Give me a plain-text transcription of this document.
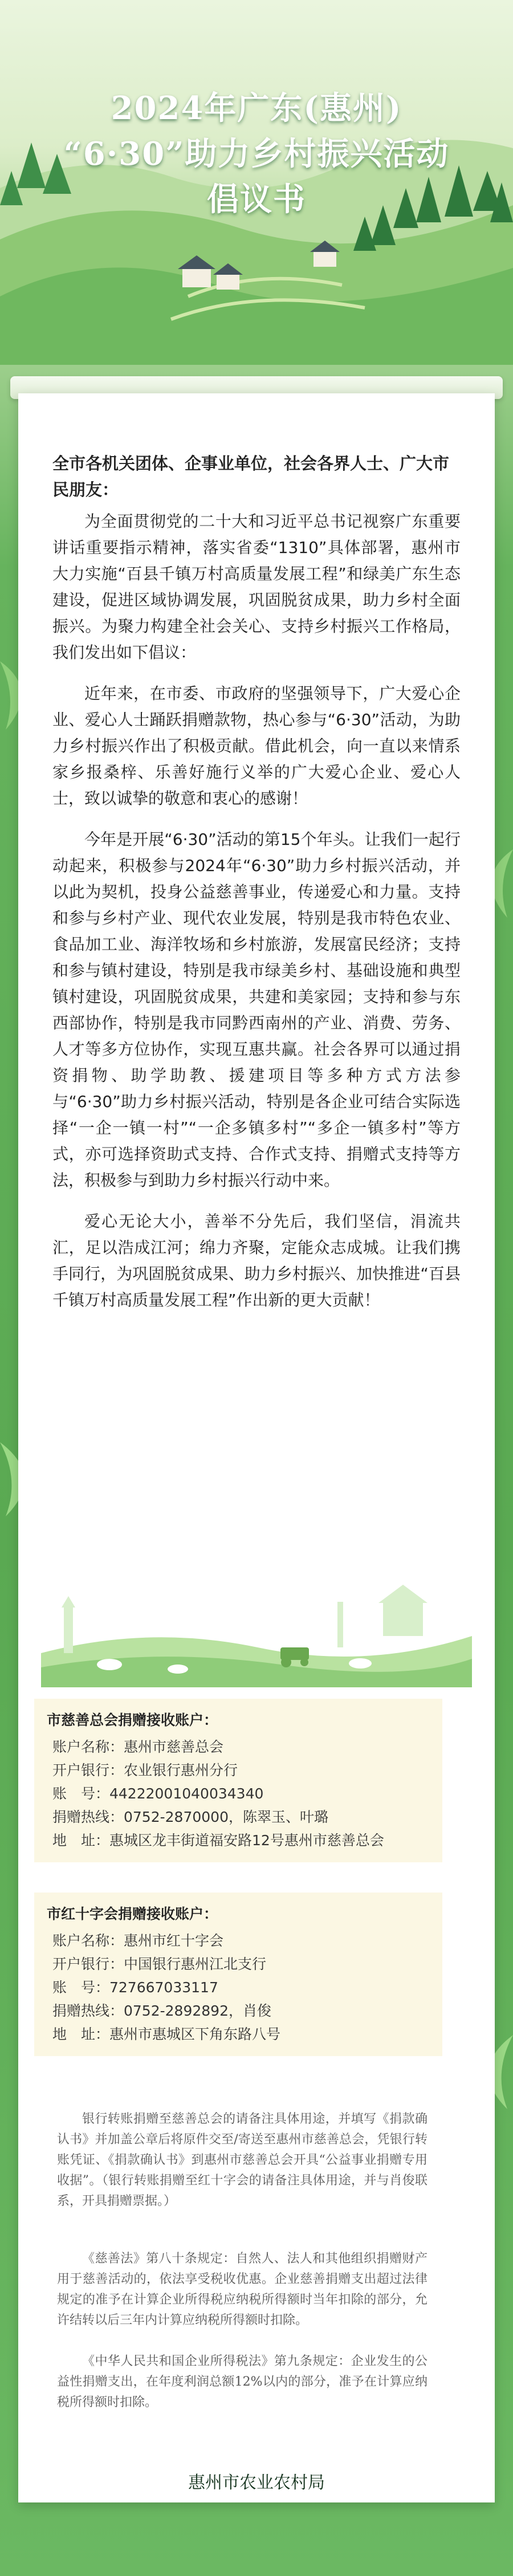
2024年广东(惠州)
“6·30”助力乡村振兴活动
倡议书

全市各机关团体、企事业单位，社会各界人士、广大市民朋友：

为全面贯彻党的二十大和习近平总书记视察广东重要讲话重要指示精神，落实省委“1310”具体部署，惠州市大力实施“百县千镇万村高质量发展工程”和绿美广东生态建设，促进区域协调发展，巩固脱贫成果，助力乡村全面振兴。为聚力构建全社会关心、支持乡村振兴工作格局，我们发出如下倡议：

近年来，在市委、市政府的坚强领导下，广大爱心企业、爱心人士踊跃捐赠款物，热心参与“6·30”活动，为助力乡村振兴作出了积极贡献。借此机会，向一直以来情系家乡报桑梓、乐善好施行义举的广大爱心企业、爱心人士，致以诚挚的敬意和衷心的感谢！

今年是开展“6·30”活动的第15个年头。让我们一起行动起来，积极参与2024年“6·30”助力乡村振兴活动，并以此为契机，投身公益慈善事业，传递爱心和力量。支持和参与乡村产业、现代农业发展，特别是我市特色农业、食品加工业、海洋牧场和乡村旅游，发展富民经济；支持和参与镇村建设，特别是我市绿美乡村、基础设施和典型镇村建设，巩固脱贫成果，共建和美家园；支持和参与东西部协作，特别是我市同黔西南州的产业、消费、劳务、人才等多方位协作，实现互惠共赢。社会各界可以通过捐资捐物、助学助教、援建项目等多种方式方法参与“6·30”助力乡村振兴活动，特别是各企业可结合实际选择“一企一镇一村”“一企多镇多村”“多企一镇多村”等方式，亦可选择资助式支持、合作式支持、捐赠式支持等方法，积极参与到助力乡村振兴行动中来。

爱心无论大小，善举不分先后，我们坚信，涓流共汇，足以浩成江河；绵力齐聚，定能众志成城。让我们携手同行，为巩固脱贫成果、助力乡村振兴、加快推进“百县千镇万村高质量发展工程”作出新的更大贡献！

市慈善总会捐赠接收账户：
账户名称：惠州市慈善总会
开户银行：农业银行惠州分行
账　号：44222001040034340
捐赠热线：0752-2870000，陈翠玉、叶璐
地　址：惠城区龙丰街道福安路12号惠州市慈善总会
市红十字会捐赠接收账户：
账户名称：惠州市红十字会
开户银行：中国银行惠州江北支行
账　号：727667033117
捐赠热线：0752-2892892，肖俊
地　址：惠州市惠城区下角东路八号
银行转账捐赠至慈善总会的请备注具体用途，并填写《捐款确认书》并加盖公章后将原件交至/寄送至惠州市慈善总会，凭银行转账凭证、《捐款确认书》到惠州市慈善总会开具“公益事业捐赠专用收据”。（银行转账捐赠至红十字会的请备注具体用途，并与肖俊联系，开具捐赠票据。）
《慈善法》第八十条规定：自然人、法人和其他组织捐赠财产用于慈善活动的，依法享受税收优惠。企业慈善捐赠支出超过法律规定的准予在计算企业所得税应纳税所得额时当年扣除的部分，允许结转以后三年内计算应纳税所得额时扣除。
《中华人民共和国企业所得税法》第九条规定：企业发生的公益性捐赠支出，在年度利润总额12%以内的部分，准予在计算应纳税所得额时扣除。
惠州市农业农村局
